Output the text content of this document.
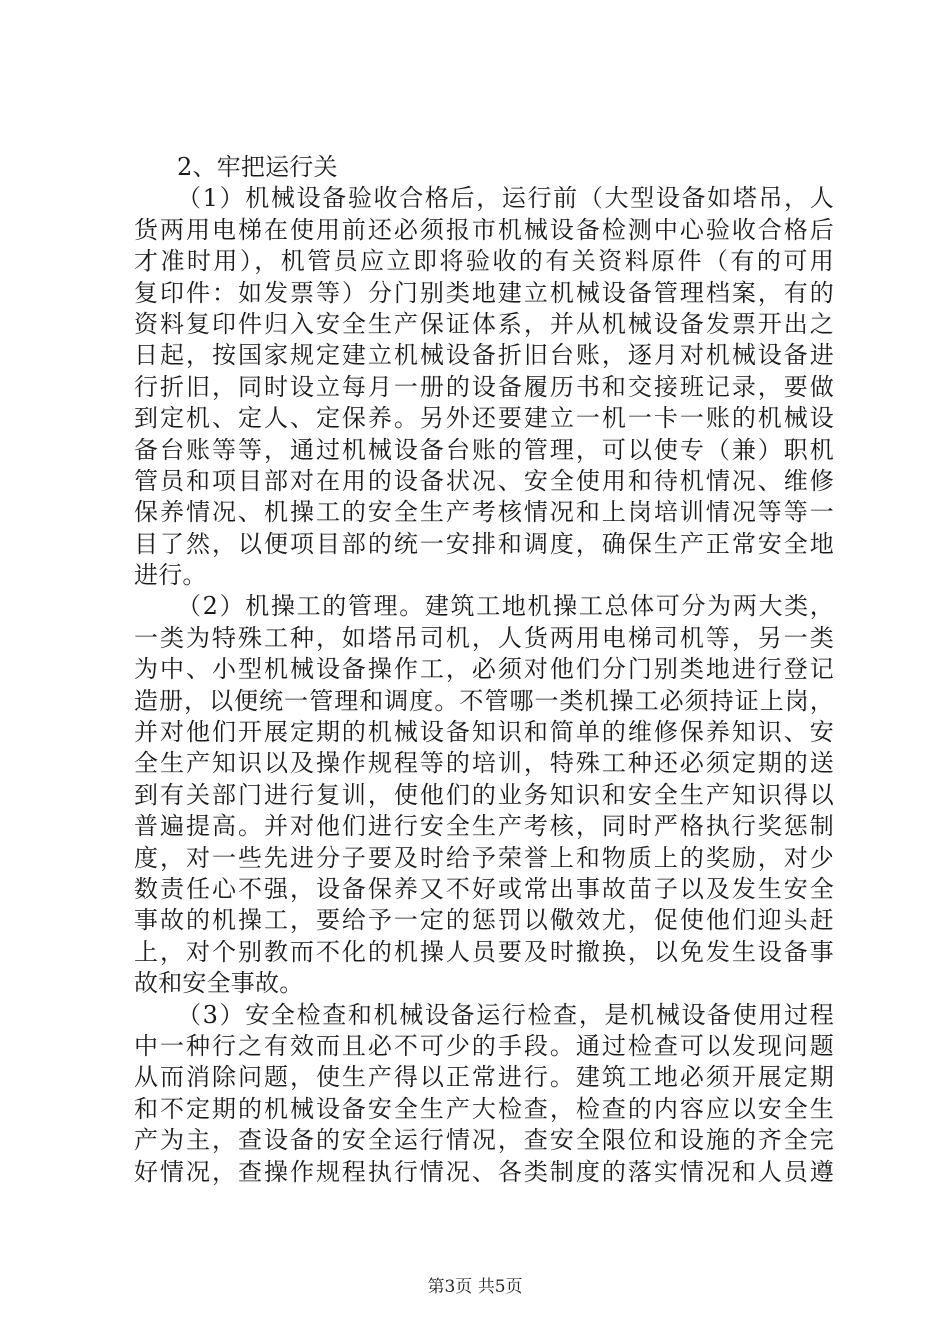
2、牢把运行关
（1）机械设备验收合格后，运行前（大型设备如塔吊，人
货两用电梯在使用前还必须报市机械设备检测中心验收合格后
才准时用），机管员应立即将验收的有关资料原件（有的可用
复印件：如发票等）分门别类地建立机械设备管理档案，有的
资料复印件归入安全生产保证体系，并从机械设备发票开出之
日起，按国家规定建立机械设备折旧台账，逐月对机械设备进
行折旧，同时设立每月一册的设备履历书和交接班记录，要做
到定机、定人、定保养。另外还要建立一机一卡一账的机械设
备台账等等，通过机械设备台账的管理，可以使专（兼）职机
管员和项目部对在用的设备状况、安全使用和待机情况、维修
保养情况、机操工的安全生产考核情况和上岗培训情况等等一
目了然，以便项目部的统一安排和调度，确保生产正常安全地
进行。
（2）机操工的管理。建筑工地机操工总体可分为两大类，
一类为特殊工种，如塔吊司机，人货两用电梯司机等，另一类
为中、小型机械设备操作工，必须对他们分门别类地进行登记
造册，以便统一管理和调度。不管哪一类机操工必须持证上岗，
并对他们开展定期的机械设备知识和简单的维修保养知识、安
全生产知识以及操作规程等的培训，特殊工种还必须定期的送
到有关部门进行复训，使他们的业务知识和安全生产知识得以
普遍提高。并对他们进行安全生产考核，同时严格执行奖惩制
度，对一些先进分子要及时给予荣誉上和物质上的奖励，对少
数责任心不强，设备保养又不好或常出事故苗子以及发生安全
事故的机操工，要给予一定的惩罚以儆效尤，促使他们迎头赶
上，对个别教而不化的机操人员要及时撤换，以免发生设备事
故和安全事故。
（3）安全检查和机械设备运行检查，是机械设备使用过程
中一种行之有效而且必不可少的手段。通过检查可以发现问题
从而消除问题，使生产得以正常进行。建筑工地必须开展定期
和不定期的机械设备安全生产大检查，检查的内容应以安全生
产为主，查设备的安全运行情况，查安全限位和设施的齐全完
好情况，查操作规程执行情况、各类制度的落实情况和人员遵
第3页 共5页
